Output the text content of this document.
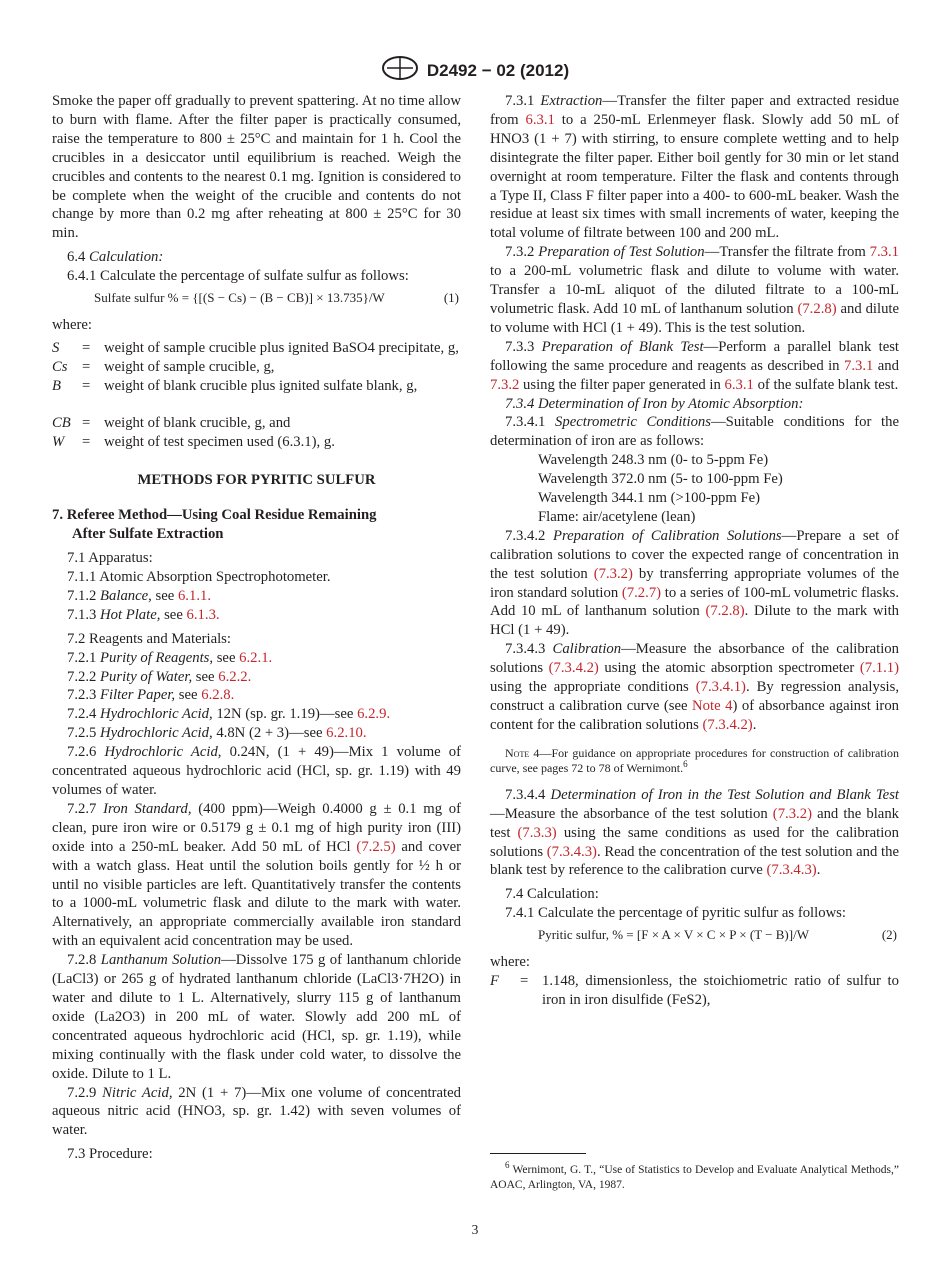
D2492 − 02 (2012)

Smoke the paper off gradually to prevent spattering. At no time allow to burn with flame. After the filter paper is practically consumed, raise the temperature to 800 ± 25°C and maintain for 1 h. Cool the crucibles in a desiccator until equilibrium is reached. Weigh the crucibles and contents to the nearest 0.1 mg. Ignition is considered to be complete when the weight of the crucible and contents do not change by more than 0.2 mg after reheating at 800 ± 25°C for 30 min.

6.4 Calculation:

6.4.1 Calculate the percentage of sulfate sulfur as follows:

Sulfate sulfur % = {[(S − Cs) − (B − CB)] × 13.735}/W	(1)

where:

S	= weight of sample crucible plus ignited BaSO4 precipitate, g,
Cs = weight of sample crucible, g,
B	= weight of blank crucible plus ignited sulfate blank, g,
CB = weight of blank crucible, g, and
W	= weight of test specimen used (6.3.1), g.

METHODS FOR PYRITIC SULFUR

7. Referee Method—Using Coal Residue Remaining
After Sulfate Extraction

7.1 Apparatus:

7.1.1 Atomic Absorption Spectrophotometer.

7.1.2 Balance, see 6.1.1.

7.1.3 Hot Plate, see 6.1.3.

7.2 Reagents and Materials:

7.2.1 Purity of Reagents, see 6.2.1.

7.2.2 Purity of Water, see 6.2.2.

7.2.3 Filter Paper, see 6.2.8.

7.2.4 Hydrochloric Acid, 12N (sp. gr. 1.19)—see 6.2.9.

7.2.5 Hydrochloric Acid, 4.8N (2 + 3)—see 6.2.10.

7.2.6 Hydrochloric Acid, 0.24N, (1 + 49)—Mix 1 volume of concentrated aqueous hydrochloric acid (HCl, sp. gr. 1.19) with 49 volumes of water.

7.2.7 Iron Standard, (400 ppm)—Weigh 0.4000 g ± 0.1 mg of clean, pure iron wire or 0.5179 g ± 0.1 mg of high purity iron (III) oxide into a 250-mL beaker. Add 50 mL of HCl (7.2.5) and cover with a watch glass. Heat until the solution boils gently for ½ h or until no visible particles are left. Quantitatively transfer the contents to a 1000-mL volumetric flask and dilute to the mark with water. Alternatively, an appropriate commercially available iron standard with an equivalent acid concentration may be used.

7.2.8 Lanthanum Solution—Dissolve 175 g of lanthanum chloride (LaCl3) or 265 g of hydrated lanthanum chloride (LaCl3·7H2O) in water and dilute to 1 L. Alternatively, slurry 115 g of lanthanum oxide (La2O3) in 200 mL of water. Slowly add 200 mL of concentrated aqueous hydrochloric acid (HCl, sp. gr. 1.19), while mixing continually with the flask under cold water, to dissolve the oxide. Dilute to 1 L.

7.2.9 Nitric Acid, 2N (1 + 7)—Mix one volume of concentrated aqueous nitric acid (HNO3, sp. gr. 1.42) with seven volumes of water.

7.3 Procedure:

7.3.1 Extraction—Transfer the filter paper and extracted residue from 6.3.1 to a 250-mL Erlenmeyer flask. Slowly add 50 mL of HNO3 (1 + 7) with stirring, to ensure complete wetting and to help disintegrate the filter paper. Either boil gently for 30 min or let stand overnight at room temperature. Filter the flask and contents through a Type II, Class F filter paper into a 400- to 600-mL beaker. Wash the residue at least six times with small increments of water, keeping the total volume of filtrate between 100 and 200 mL.

7.3.2 Preparation of Test Solution—Transfer the filtrate from 7.3.1 to a 200-mL volumetric flask and dilute to volume with water. Transfer a 10-mL aliquot of the diluted filtrate to a 100-mL volumetric flask. Add 10 mL of lanthanum solution (7.2.8) and dilute to volume with HCl (1 + 49). This is the test solution.

7.3.3 Preparation of Blank Test—Perform a parallel blank test following the same procedure and reagents as described in 7.3.1 and 7.3.2 using the filter paper generated in 6.3.1 of the sulfate blank test.

7.3.4 Determination of Iron by Atomic Absorption:

7.3.4.1 Spectrometric Conditions—Suitable conditions for the determination of iron are as follows:

Wavelength 248.3 nm (0- to 5-ppm Fe)

Wavelength 372.0 nm (5- to 100-ppm Fe)

Wavelength 344.1 nm (>100-ppm Fe)

Flame: air/acetylene (lean)

7.3.4.2 Preparation of Calibration Solutions—Prepare a set of calibration solutions to cover the expected range of concentration in the test solution (7.3.2) by transferring appropriate volumes of the iron standard solution (7.2.7) to a series of 100-mL volumetric flasks. Add 10 mL of lanthanum solution (7.2.8). Dilute to the mark with HCl (1 + 49).

7.3.4.3 Calibration—Measure the absorbance of the calibration solutions (7.3.4.2) using the atomic absorption spectrometer (7.1.1) using the appropriate conditions (7.3.4.1). By regression analysis, construct a calibration curve (see Note 4) of absorbance against iron content for the calibration solutions (7.3.4.2).

Note 4—For guidance on appropriate procedures for construction of calibration curve, see pages 72 to 78 of Wernimont.$^6$

7.3.4.4 Determination of Iron in the Test Solution and Blank Test—Measure the absorbance of the test solution (7.3.2) and the blank test (7.3.3) using the same conditions as used for the calibration solutions (7.3.4.3). Read the concentration of the test solution and the blank test by reference to the calibration curve (7.3.4.3).

7.4 Calculation:

7.4.1 Calculate the percentage of pyritic sulfur as follows:

Pyritic sulfur, % = [F × A × V × C × P × (T − B)]/W	(2)

where:

F	= 1.148, dimensionless, the stoichiometric ratio of sulfur to iron in iron disulfide (FeS2),

$^6$ Wernimont, G. T., “Use of Statistics to Develop and Evaluate Analytical Methods,” AOAC, Arlington, VA, 1987.

3
